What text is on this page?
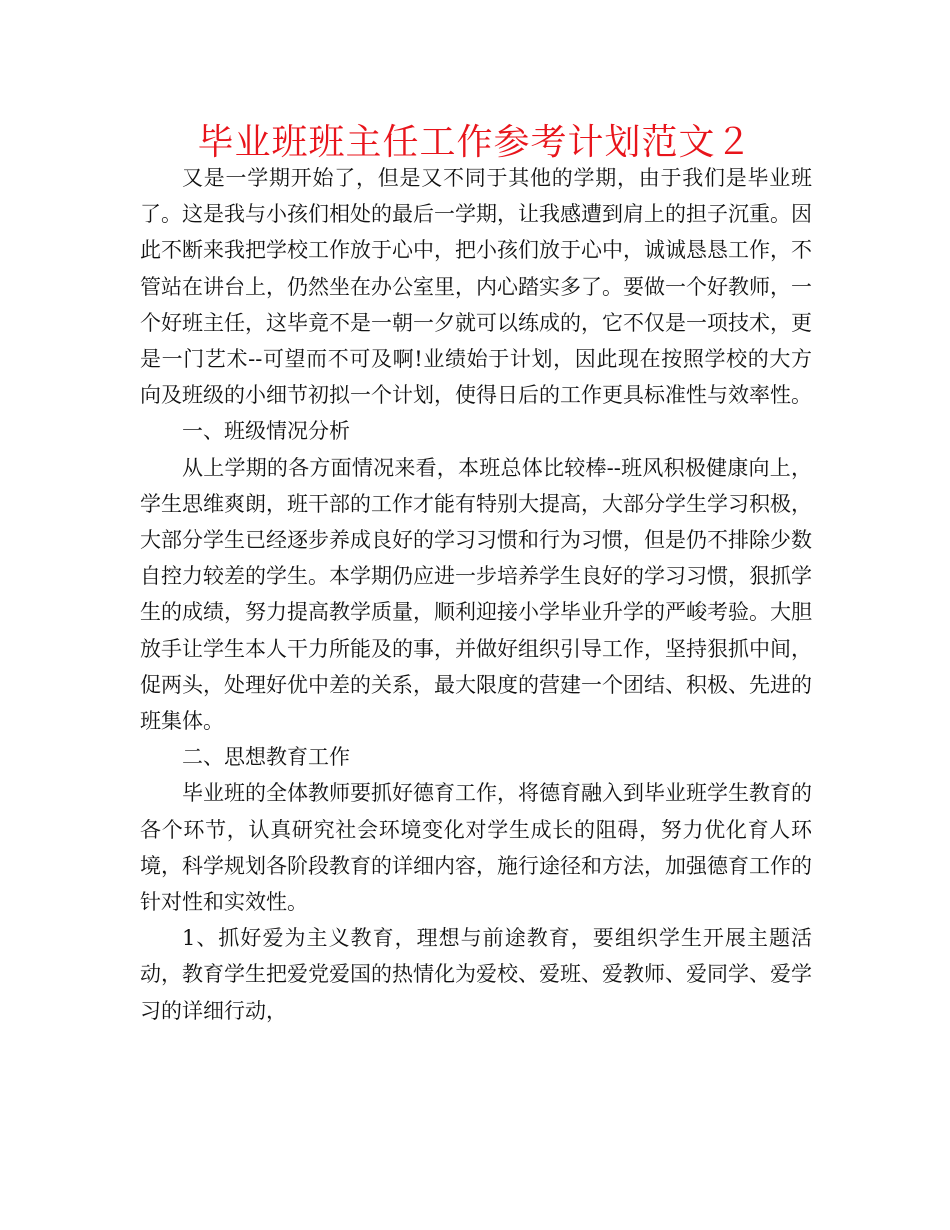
毕业班班主任工作参考计划范文２

又是一学期开始了，但是又不同于其他的学期，由于我们是毕业班了。这是我与小孩们相处的最后一学期，让我感遭到肩上的担子沉重。因此不断来我把学校工作放于心中，把小孩们放于心中，诚诚恳恳工作，不管站在讲台上，仍然坐在办公室里，内心踏实多了。要做一个好教师，一个好班主任，这毕竟不是一朝一夕就可以练成的，它不仅是一项技术，更是一门艺术--可望而不可及啊!业绩始于计划，因此现在按照学校的大方向及班级的小细节初拟一个计划，使得日后的工作更具标准性与效率性。

一、班级情况分析

从上学期的各方面情况来看，本班总体比较棒--班风积极健康向上，学生思维爽朗，班干部的工作才能有特别大提高，大部分学生学习积极，大部分学生已经逐步养成良好的学习习惯和行为习惯，但是仍不排除少数自控力较差的学生。本学期仍应进一步培养学生良好的学习习惯，狠抓学生的成绩，努力提高教学质量，顺利迎接小学毕业升学的严峻考验。大胆放手让学生本人干力所能及的事，并做好组织引导工作，坚持狠抓中间，促两头，处理好优中差的关系，最大限度的营建一个团结、积极、先进的班集体。

二、思想教育工作

毕业班的全体教师要抓好德育工作，将德育融入到毕业班学生教育的各个环节，认真研究社会环境变化对学生成长的阻碍，努力优化育人环境，科学规划各阶段教育的详细内容，施行途径和方法，加强德育工作的针对性和实效性。

1、抓好爱为主义教育，理想与前途教育，要组织学生开展主题活动，教育学生把爱党爱国的热情化为爱校、爱班、爱教师、爱同学、爱学习的详细行动，
